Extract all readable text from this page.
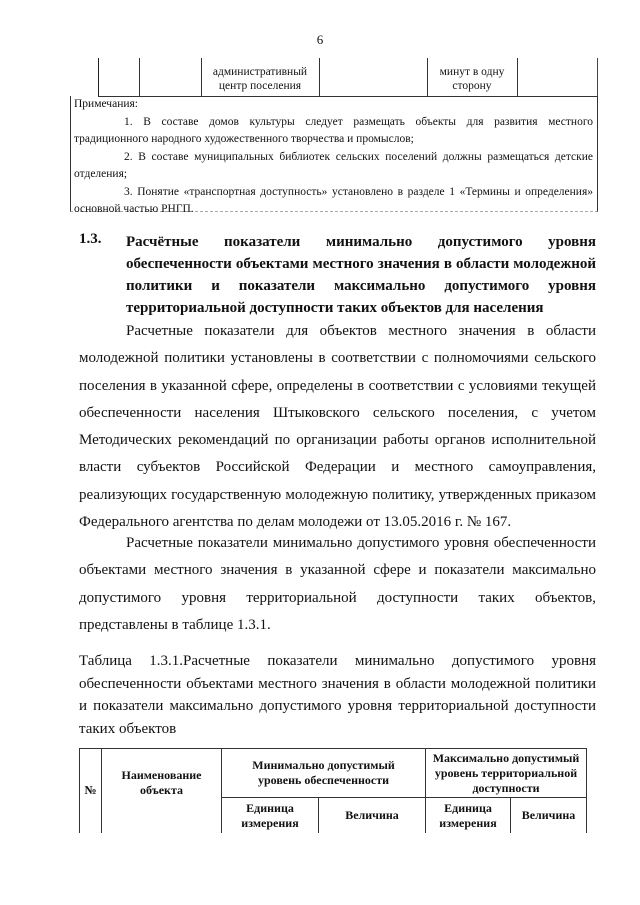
6
административный центр поселения
минут в одну сторону

Примечания:

1. В составе домов культуры следует размещать объекты для развития местного традиционного народного художественного творчества и промыслов;

2. В составе муниципальных библиотек сельских поселений должны размещаться детские отделения;

3. Понятие «транспортная доступность» установлено в разделе 1 «Термины и определения» основной частью РНГП.

1.3. Расчётные показатели минимально допустимого уровня обеспеченности объектами местного значения в области молодежной политики и показатели максимально допустимого уровня территориальной доступности таких объектов для населения

Расчетные показатели для объектов местного значения в области молодежной политики установлены в соответствии с полномочиями сельского поселения в указанной сфере, определены в соответствии с условиями текущей обеспеченности населения Штыковского сельского поселения, с учетом Методических рекомендаций по организации работы органов исполнительной власти субъектов Российской Федерации и местного самоуправления, реализующих государственную молодежную политику, утвержденных приказом Федерального агентства по делам молодежи от 13.05.2016 г. № 167.

Расчетные показатели минимально допустимого уровня обеспеченности объектами местного значения в указанной сфере и показатели максимально допустимого уровня территориальной доступности таких объектов, представлены в таблице 1.3.1.

Таблица 1.3.1.Расчетные показатели минимально допустимого уровня обеспеченности объектами местного значения в области молодежной политики и показатели максимально допустимого уровня территориальной доступности таких объектов

№
Наименование объекта
Минимально допустимый уровень обеспеченности
Максимально допустимый уровень территориальной доступности
Единица измерения
Величина
Единица измерения
Величина
